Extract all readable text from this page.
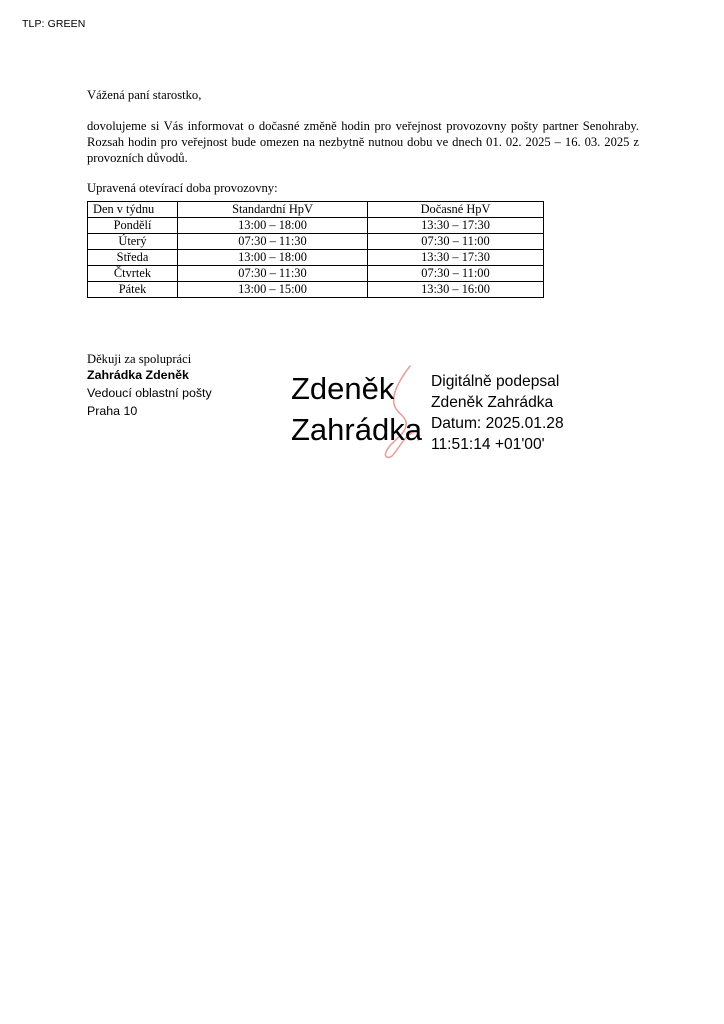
TLP: GREEN
Vážená paní starostko,
dovolujeme si Vás informovat o dočasné změně hodin pro veřejnost provozovny pošty partner Senohraby. Rozsah hodin pro veřejnost bude omezen na nezbytně nutnou dobu ve dnech 01. 02. 2025 – 16. 03. 2025 z provozních důvodů.
Upravená otevírací doba provozovny:
Den v týdnu	Standardní HpV	Dočasné HpV
Pondělí	13:00 – 18:00	13:30 – 17:30
Úterý	07:30 – 11:30	07:30 – 11:00
Středa	13:00 – 18:00	13:30 – 17:30
Čtvrtek	07:30 – 11:30	07:30 – 11:00
Pátek	13:00 – 15:00	13:30 – 16:00
Děkuji za spolupráci
Zahrádka Zdeněk
Vedoucí oblastní pošty
Praha 10
Zdeněk
Zahrádka
Digitálně podepsal
Zdeněk Zahrádka
Datum: 2025.01.28
11:51:14 +01'00'
